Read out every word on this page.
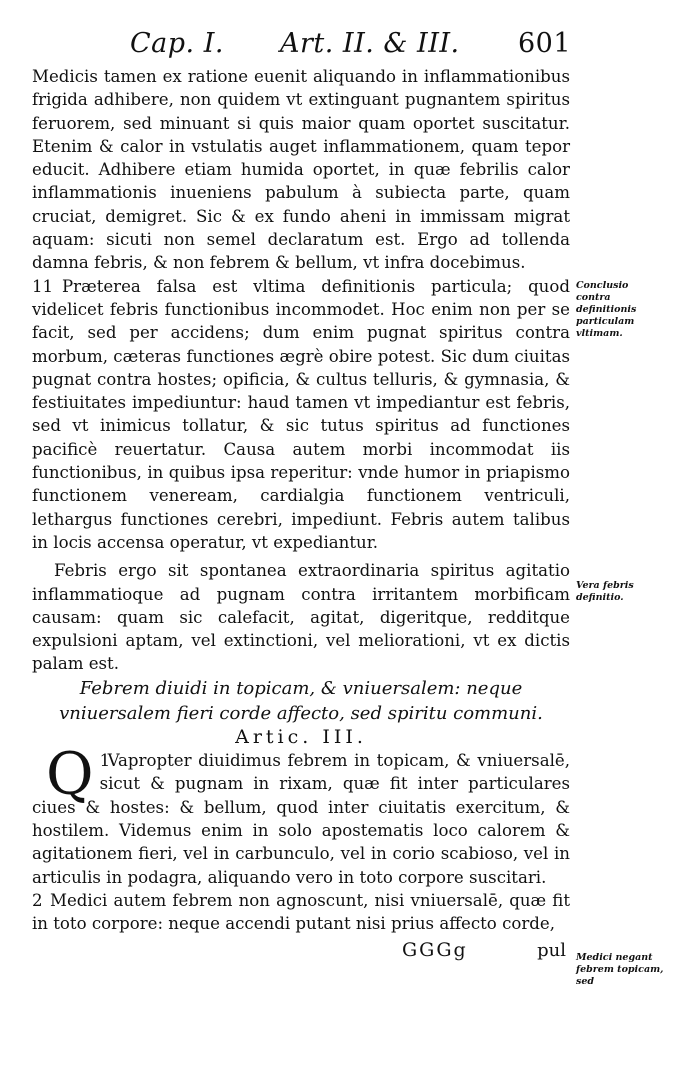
Cap. I. Art. II. & III. 601

Medicis tamen ex ratione euenit aliquando in inflammationibus frigida adhibere, non quidem vt extinguant pugnantem spiritus feruorem, sed minuant si quis maior quam oportet suscitatur. Etenim & calor in vstulatis auget inflammationem, quam tepor educit. Adhibere etiam humida oportet, in quæ febrilis calor inflammationis inueniens pabulum à subiecta parte, quam cruciat, demigret. Sic & ex fundo aheni in immissam migrat aquam: sicuti non semel declaratum est. Ergo ad tollenda damna febris, & non febrem & bellum, vt infra docebimus.

11 Præterea falsa est vltima definitionis particula; quod videlicet febris functionibus incommodet. Hoc enim non per se facit, sed per accidens; dum enim pugnat spiritus contra morbum, cæteras functiones ægrè obire potest. Sic dum ciuitas pugnat contra hostes; opificia, & cultus telluris, & gymnasia, & festiuitates impediuntur: haud tamen vt impediantur est febris, sed vt inimicus tollatur, & sic tutus spiritus ad functiones pacificè reuertatur. Causa autem morbi incommodat iis functionibus, in quibus ipsa reperitur: vnde humor in priapismo functionem veneream, cardialgia functionem ventriculi, lethargus functiones cerebri, impediunt. Febris autem talibus in locis accensa operatur, vt expediantur.

Febris ergo sit spontanea extraordinaria spiritus agitatio inflammatioque ad pugnam contra irritantem morbificam causam: quam sic calefacit, agitat, digeritque, redditque expulsioni aptam, vel extinctioni, vel meliorationi, vt ex dictis palam est.

Febrem diuidi in topicam, & vniuersalem: neque vniuersalem fieri corde affecto, sed spiritu communi.

Artic. III.

1
Q Vapropter diuidimus febrem in topicam, & vniuersalē, sicut & pugnam in rixam, quæ fit inter particulares ciues & hostes: & bellum, quod inter ciuitatis exercitum, & hostilem. Videmus enim in solo apostematis loco calorem & agitationem fieri, vel in carbunculo, vel in corio scabioso, vel in articulis in podagra, aliquando vero in toto corpore suscitari.

2 Medici autem febrem non agnoscunt, nisi vniuersalē, quæ fit in toto corpore: neque accendi putant nisi prius affecto corde,

GGGg	pul
Conclusio contra definitionis particulam vltimam.
Vera febris definitio.
Medici negant febrem topicam, sed
